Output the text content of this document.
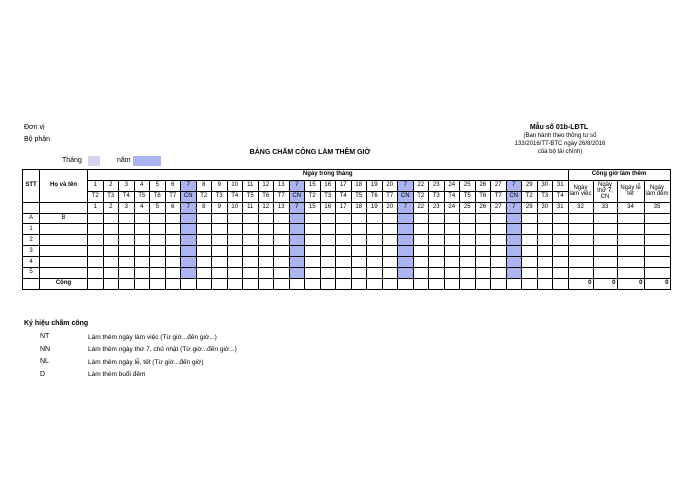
Đơn vị
Bộ phận
Mẫu số 01b-LĐTL
(Ban hành theo thông tư số
133/2016/TT-BTC ngày 26/8/2016
của bộ tài chính)
BẢNG CHẤM CÔNG LÀM THÊM GIỜ
Tháng	năm
STT	Họ và tên	Ngày trong tháng																															Công giờ làm thêm			
		1	2	3	4	5	6	7	8	9	10	11	12	13	7	15	16	17	18	19	20	7	22	23	24	25	26	27	7	29	30	31	Ngày làm việc	Ngày thứ 7, CN	Ngày lễ tết	Ngày làm đêm
		T2	T3	T4	T5	T6	T7	CN	T2	T3	T4	T5	T6	T7	CN	T2	T3	T4	T5	T6	T7	CN	T2	T3	T4	T5	T6	T7	CN	T2	T3	T4				
		1	2	3	4	5	6	7	8	9	10	11	12	13	7	15	16	17	18	19	20	7	22	23	24	25	26	27	7	29	30	31	32	33	34	35
A	B																																			
1																																				
2																																				
3																																				
4																																				
5																																				
	Cộng																																0	0	0	0
Ký hiệu chấm công
NT	Làm thêm ngày làm việc (Từ giờ...đến giờ...)
NN	Làm thêm ngày thứ 7, chủ nhật (Từ giờ...đến giờ...)
NL	Làm thêm ngày lễ, tết (Từ giờ...đến giờ)
D	Làm thêm buổi đêm
